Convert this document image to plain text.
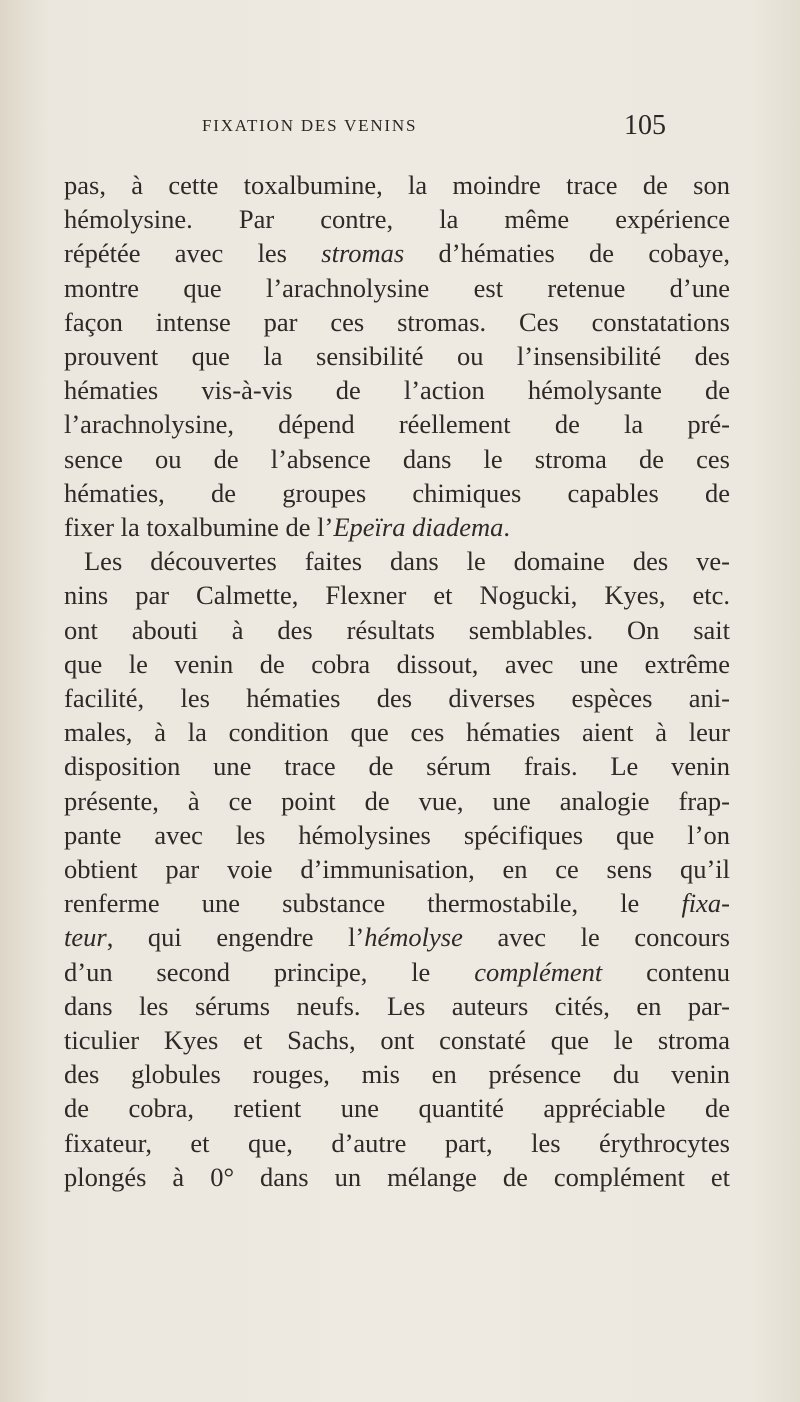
FIXATION DES VENINS	105
pas, à cette toxalbumine, la moindre trace de son
hémolysine. Par contre, la même expérience
répétée avec les stromas d’hématies de cobaye,
montre que l’arachnolysine est retenue d’une
façon intense par ces stromas. Ces constatations
prouvent que la sensibilité ou l’insensibilité des
hématies vis-à-vis de l’action hémolysante de
l’arachnolysine, dépend réellement de la pré-
sence ou de l’absence dans le stroma de ces
hématies, de groupes chimiques capables de
fixer la toxalbumine de l’Epeïra diadema.
Les découvertes faites dans le domaine des ve-
nins par Calmette, Flexner et Nogucki, Kyes, etc.
ont abouti à des résultats semblables. On sait
que le venin de cobra dissout, avec une extrême
facilité, les hématies des diverses espèces ani-
males, à la condition que ces hématies aient à leur
disposition une trace de sérum frais. Le venin
présente, à ce point de vue, une analogie frap-
pante avec les hémolysines spécifiques que l’on
obtient par voie d’immunisation, en ce sens qu’il
renferme une substance thermostabile, le fixa-
teur, qui engendre l’hémolyse avec le concours
d’un second principe, le complément contenu
dans les sérums neufs. Les auteurs cités, en par-
ticulier Kyes et Sachs, ont constaté que le stroma
des globules rouges, mis en présence du venin
de cobra, retient une quantité appréciable de
fixateur, et que, d’autre part, les érythrocytes
plongés à 0° dans un mélange de complément et
